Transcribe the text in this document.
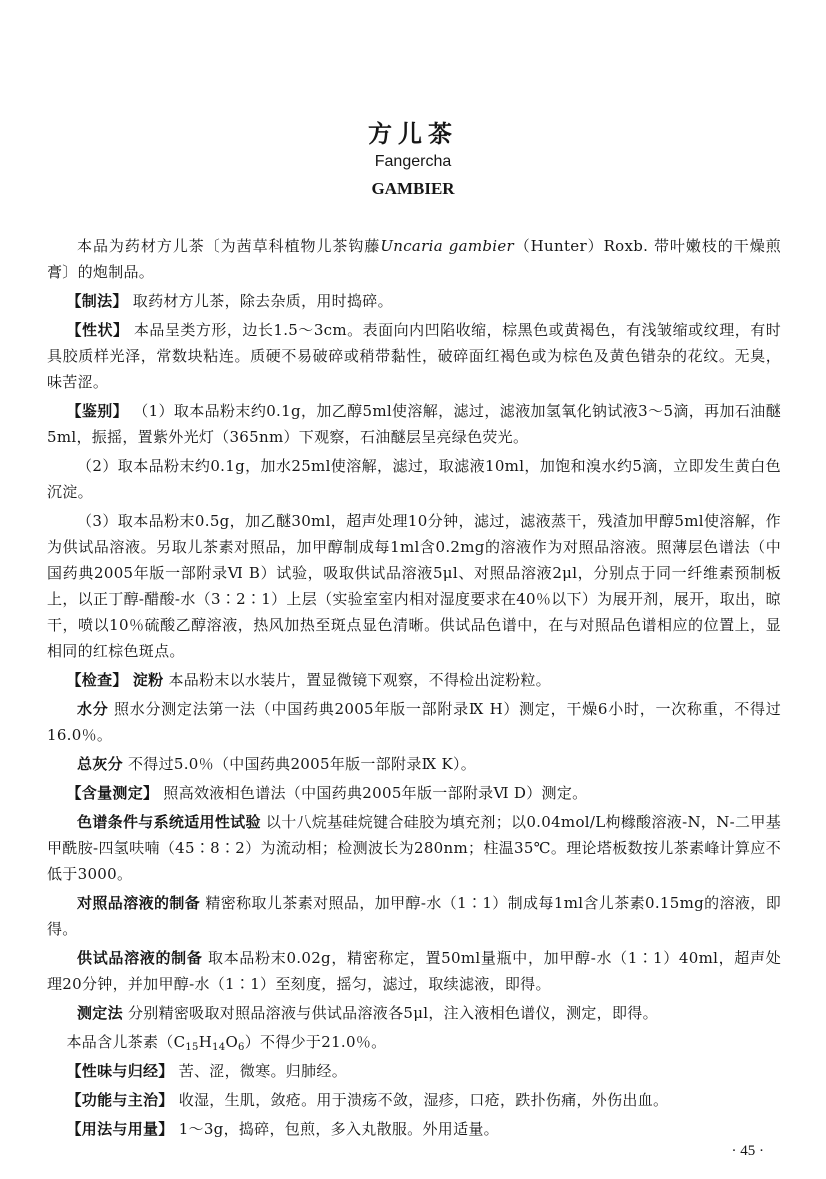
方儿茶
Fangercha
GAMBIER

本品为药材方儿茶〔为茜草科植物儿茶钩藤Uncaria gambier（Hunter）Roxb. 带叶嫩枝的干燥煎膏〕的炮制品。

【制法】 取药材方儿茶，除去杂质，用时捣碎。

【性状】 本品呈类方形，边长1.5～3cm。表面向内凹陷收缩，棕黑色或黄褐色，有浅皱缩或纹理，有时具胶质样光泽，常数块粘连。质硬不易破碎或稍带黏性，破碎面红褐色或为棕色及黄色错杂的花纹。无臭，味苦涩。

【鉴别】 （1）取本品粉末约0.1g，加乙醇5ml使溶解，滤过，滤液加氢氧化钠试液3～5滴，再加石油醚5ml，振摇，置紫外光灯（365nm）下观察，石油醚层呈亮绿色荧光。

（2）取本品粉末约0.1g，加水25ml使溶解，滤过，取滤液10ml，加饱和溴水约5滴，立即发生黄白色沉淀。

（3）取本品粉末0.5g，加乙醚30ml，超声处理10分钟，滤过，滤液蒸干，残渣加甲醇5ml使溶解，作为供试品溶液。另取儿茶素对照品，加甲醇制成每1ml含0.2mg的溶液作为对照品溶液。照薄层色谱法（中国药典2005年版一部附录Ⅵ B）试验，吸取供试品溶液5μl、对照品溶液2μl，分别点于同一纤维素预制板上，以正丁醇-醋酸-水（3∶2∶1）上层（实验室室内相对湿度要求在40％以下）为展开剂，展开，取出，晾干，喷以10％硫酸乙醇溶液，热风加热至斑点显色清晰。供试品色谱中，在与对照品色谱相应的位置上，显相同的红棕色斑点。

【检查】 淀粉 本品粉末以水装片，置显微镜下观察，不得检出淀粉粒。

水分 照水分测定法第一法（中国药典2005年版一部附录Ⅸ H）测定，干燥6小时，一次称重，不得过16.0％。

总灰分 不得过5.0％（中国药典2005年版一部附录Ⅸ K）。

【含量测定】 照高效液相色谱法（中国药典2005年版一部附录Ⅵ D）测定。

色谱条件与系统适用性试验 以十八烷基硅烷键合硅胶为填充剂；以0.04mol/L枸橼酸溶液-N，N-二甲基甲酰胺-四氢呋喃（45∶8∶2）为流动相；检测波长为280nm；柱温35℃。理论塔板数按儿茶素峰计算应不低于3000。

对照品溶液的制备 精密称取儿茶素对照品，加甲醇-水（1∶1）制成每1ml含儿茶素0.15mg的溶液，即得。

供试品溶液的制备 取本品粉末0.02g，精密称定，置50ml量瓶中，加甲醇-水（1∶1）40ml，超声处理20分钟，并加甲醇-水（1∶1）至刻度，摇匀，滤过，取续滤液，即得。

测定法 分别精密吸取对照品溶液与供试品溶液各5μl，注入液相色谱仪，测定，即得。

本品含儿茶素$(C_{15}H_{14}O_6)$不得少于21.0％。

【性味与归经】 苦、涩，微寒。归肺经。

【功能与主治】 收湿，生肌，敛疮。用于溃疡不敛，湿疹，口疮，跌扑伤痛，外伤出血。

【用法与用量】 1～3g，捣碎，包煎，多入丸散服。外用适量。

· 45 ·
